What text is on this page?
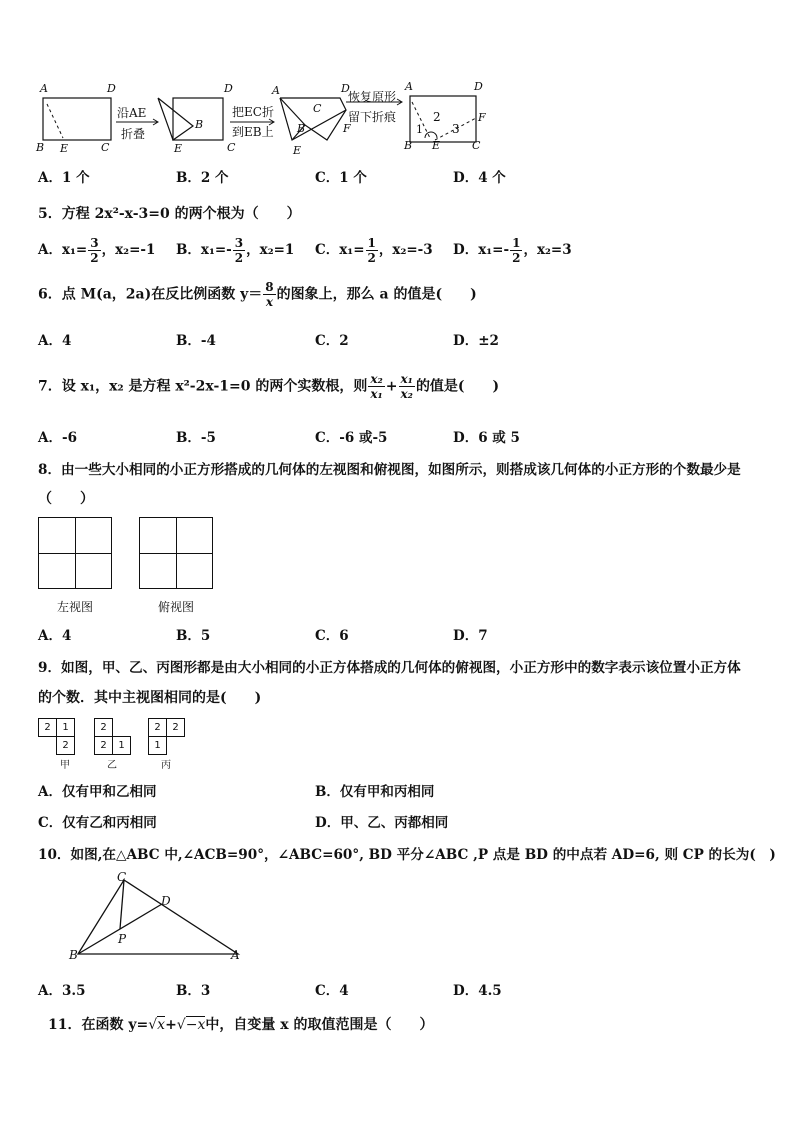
A	D
B E	C
沿AE
折叠
D
B
E	C
把EC折
到EB上
A	D
C
B	F
E
恢复原形
留下折痕
A	D
1
2
3
F
B E	C
A．1 个	B．2 个	C．1 个	D．4 个
5．方程 2x²-x-3=0 的两个根为（　　）
A．$x_1= \frac{3}{2}$ ，x₂=-1 B．$x_1=- \frac{3}{2}$ ，x₂=1 C．$x_1= \frac{1}{2}$ ，x₂=-3 D．$x_1=- \frac{1}{2}$ ，x₂=3
6．点 M(a，2a)在反比例函数 $y= \frac{8}{x}$ 的图象上，那么 a 的值是(　　)
A．4	B．-4	C．2	D．±2
7．设 x₁，x₂ 是方程 x²-2x-1=0 的两个实数根，则 $\frac{\text{x₂}}{\text{x₁}} + \frac{\text{x₁}}{\text{x₂}}$ 的值是(　　)
A．-6	B．-5	C．-6 或-5	D．6 或 5
8．由一些大小相同的小正方形搭成的几何体的左视图和俯视图，如图所示，则搭成该几何体的小正方形的个数最少是
（　　）
左视图	俯视图
A．4	B．5	C．6	D．7
9．如图，甲、乙、丙图形都是由大小相同的小正方体搭成的几何体的俯视图，小正方形中的数字表示该位置小正方体
的个数．其中主视图相同的是(　　)
2	1
2
甲
2
2	1
乙
2	2
1
丙
A．仅有甲和乙相同	B．仅有甲和丙相同
C．仅有乙和丙相同	D．甲、乙、丙都相同
10．如图,在△ABC 中,∠ACB=90°，∠ABC=60°, BD 平分∠ABC ,P 点是 BD 的中点若 AD=6, 则 CP 的长为(　)
C
D
P
B	A
A．3.5	B．3	C．4	D．4.5
11．在函数 y=√x+√−x中，自变量 x 的取值范围是（　　）
